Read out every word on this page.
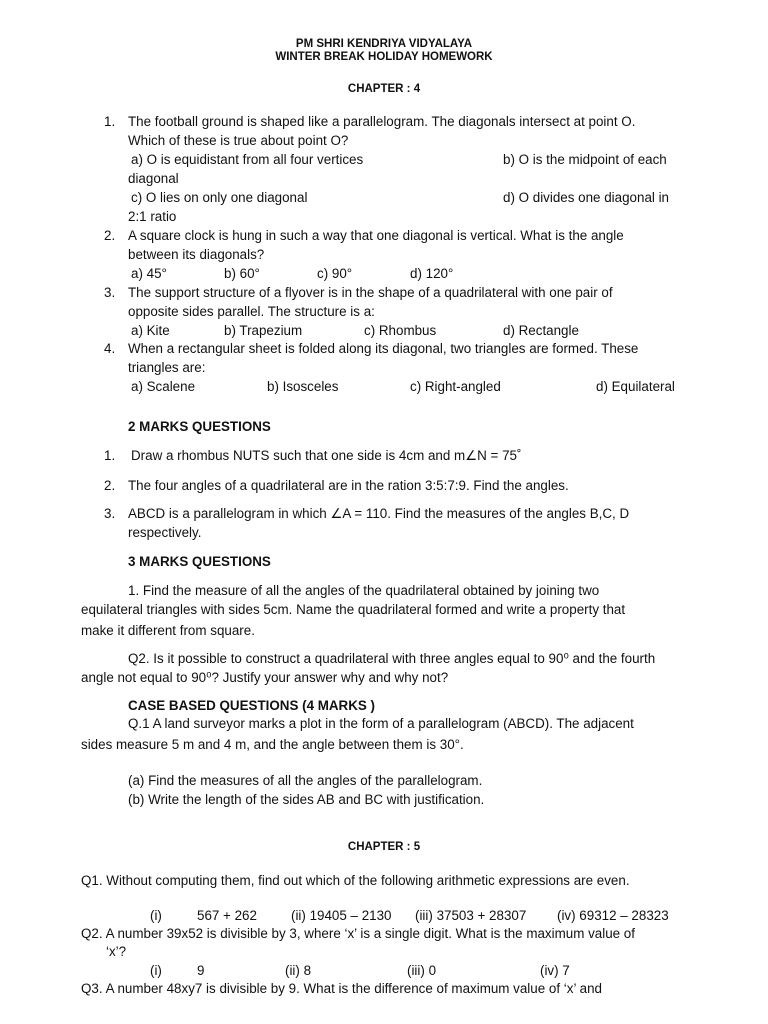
PM SHRI KENDRIYA VIDYALAYA
WINTER BREAK HOLIDAY HOMEWORK
CHAPTER : 4
1. The football ground is shaped like a parallelogram. The diagonals intersect at point O.
Which of these is true about point O?
a) O is equidistant from all four vertices	b) O is the midpoint of each
diagonal
c) O lies on only one diagonal	d) O divides one diagonal in
2:1 ratio
2. A square clock is hung in such a way that one diagonal is vertical. What is the angle
between its diagonals?
a) 45°	b) 60°	c) 90°	d) 120°
3. The support structure of a flyover is in the shape of a quadrilateral with one pair of
opposite sides parallel. The structure is a:
a) Kite	b) Trapezium	c) Rhombus	d) Rectangle
4. When a rectangular sheet is folded along its diagonal, two triangles are formed. These
triangles are:
a) Scalene	b) Isosceles	c) Right-angled	d) Equilateral
2 MARKS QUESTIONS
1. Draw a rhombus NUTS such that one side is 4cm and m∠N = 75˚
2. The four angles of a quadrilateral are in the ration 3:5:7:9. Find the angles.
3. ABCD is a parallelogram in which ∠A = 110. Find the measures of the angles B,C, D
respectively.
3 MARKS QUESTIONS
1. Find the measure of all the angles of the quadrilateral obtained by joining two
equilateral triangles with sides 5cm. Name the quadrilateral formed and write a property that
make it different from square.
Q2. Is it possible to construct a quadrilateral with three angles equal to 90⁰ and the fourth
angle not equal to 90⁰? Justify your answer why and why not?
CASE BASED QUESTIONS (4 MARKS )
Q.1 A land surveyor marks a plot in the form of a parallelogram (ABCD). The adjacent
sides measure 5 m and 4 m, and the angle between them is 30°.
(a) Find the measures of all the angles of the parallelogram.
(b) Write the length of the sides AB and BC with justification.
CHAPTER : 5
Q1. Without computing them, find out which of the following arithmetic expressions are even.
(i)	567 + 262	(ii) 19405 – 2130 (iii) 37503 + 28307 (iv) 69312 – 28323
Q2. A number 39x52 is divisible by 3, where ‘x’ is a single digit. What is the maximum value of
‘x’?
(i)	9	(ii) 8	(iii) 0	(iv) 7
Q3. A number 48xy7 is divisible by 9. What is the difference of maximum value of ‘x’ and
